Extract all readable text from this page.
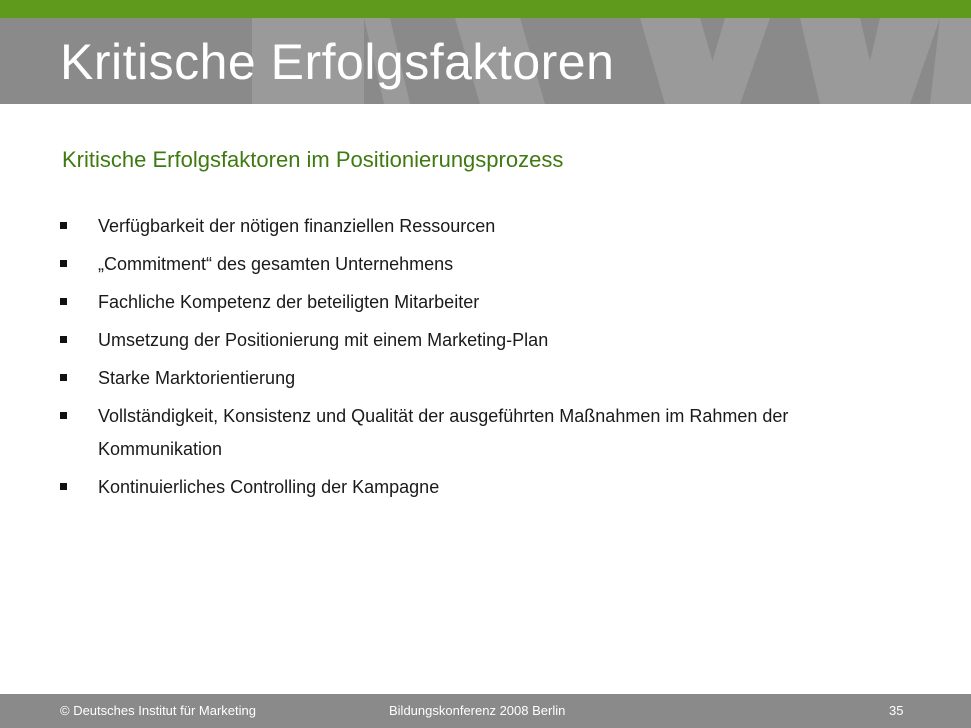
Kritische Erfolgsfaktoren
Kritische Erfolgsfaktoren im Positionierungsprozess
Verfügbarkeit der nötigen finanziellen Ressourcen
„Commitment“ des gesamten Unternehmens
Fachliche Kompetenz der beteiligten Mitarbeiter
Umsetzung der Positionierung mit einem Marketing-Plan
Starke Marktorientierung
Vollständigkeit, Konsistenz und Qualität der ausgeführten Maßnahmen im Rahmen der Kommunikation
Kontinuierliches Controlling der Kampagne
© Deutsches Institut für Marketing	Bildungskonferenz 2008 Berlin	35
